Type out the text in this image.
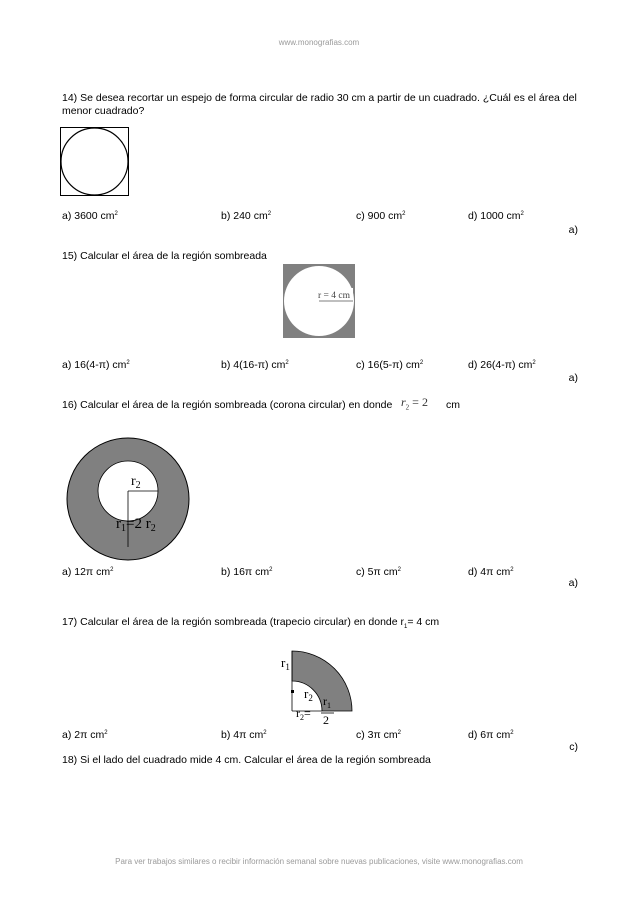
www.monografias.com
14) Se desea recortar un espejo de forma circular de radio 30 cm a partir de un cuadrado. ¿Cuál es el área del menor cuadrado?
a) 3600 $cm^2$	b) 240 $cm^2$	c) 900 $cm^2$	d) 1000 $cm^2$
a)
15) Calcular el área de la región sombreada
r = 4 cm
a) 16(4-π) $cm^2$	b) 4(16-π) $cm^2$	c) 16(5-π) $cm^2$	d) 26(4-π) $cm^2$
a)
16) Calcular el área de la región sombreada (corona circular) en donde $r_2 = 2$ cm
$r_2$
$r_1=2$ $r_2$
a) 12π $cm^2$	b) 16π $cm^2$	c) 5π $cm^2$	d) 4π $cm^2$
a)
17) Calcular el área de la región sombreada (trapecio circular) en donde $r_1= 4$ cm
$r_1$
$r_2$
$r_2=$
$r_1$
2
a) 2π $cm^2$	b) 4π $cm^2$	c) 3π $cm^2$	d) 6π $cm^2$
c)
18) Si el lado del cuadrado mide 4 cm. Calcular el área de la región sombreada
Para ver trabajos similares o recibir información semanal sobre nuevas publicaciones, visite www.monografias.com
